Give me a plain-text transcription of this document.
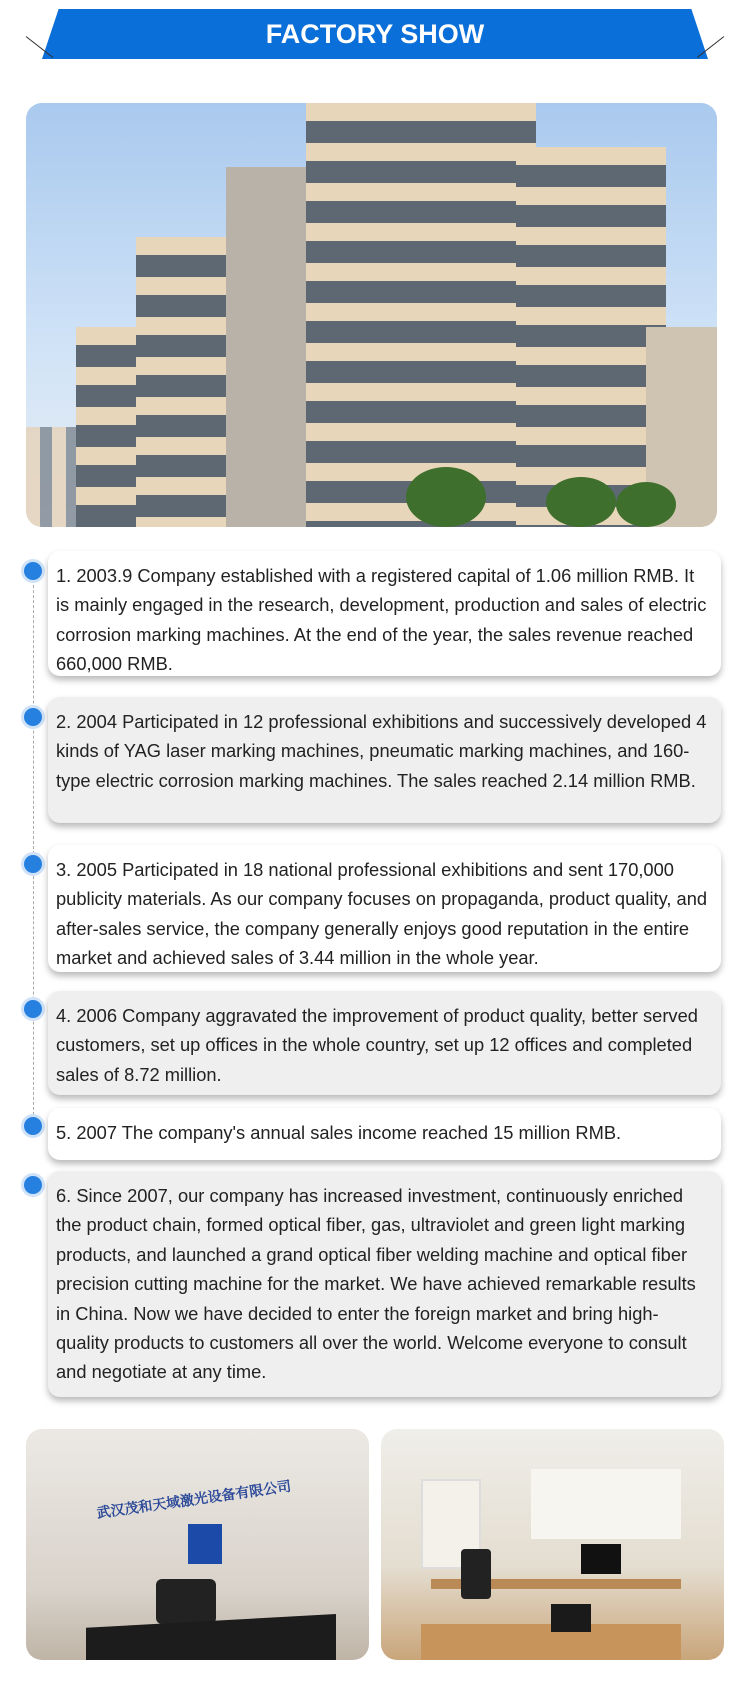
FACTORY SHOW
1. 2003.9 Company established with a registered capital of 1.06 million RMB. It is mainly engaged in the research, development, production and sales of electric corrosion marking machines. At the end of the year, the sales revenue reached 660,000 RMB.
2. 2004 Participated in 12 professional exhibitions and successively developed 4 kinds of YAG laser marking machines, pneumatic marking machines, and 160-type electric corrosion marking machines. The sales reached 2.14 million RMB.
3. 2005 Participated in 18 national professional exhibitions and sent 170,000 publicity materials. As our company focuses on propaganda, product quality, and after-sales service, the company generally enjoys good reputation in the entire market and achieved sales of 3.44 million in the whole year.
4. 2006 Company aggravated the improvement of product quality, better served customers, set up offices in the whole country, set up 12 offices and completed sales of 8.72 million.
5. 2007 The company's annual sales income reached 15 million RMB.
6. Since 2007, our company has increased investment, continuously enriched the product chain, formed optical fiber, gas, ultraviolet and green light marking products, and launched a grand optical fiber welding machine and optical fiber precision cutting machine for the market. We have achieved remarkable results in China. Now we have decided to enter the foreign market and bring high-quality products to customers all over the world. Welcome everyone to consult and negotiate at any time.
武汉茂和天域激光设备有限公司
